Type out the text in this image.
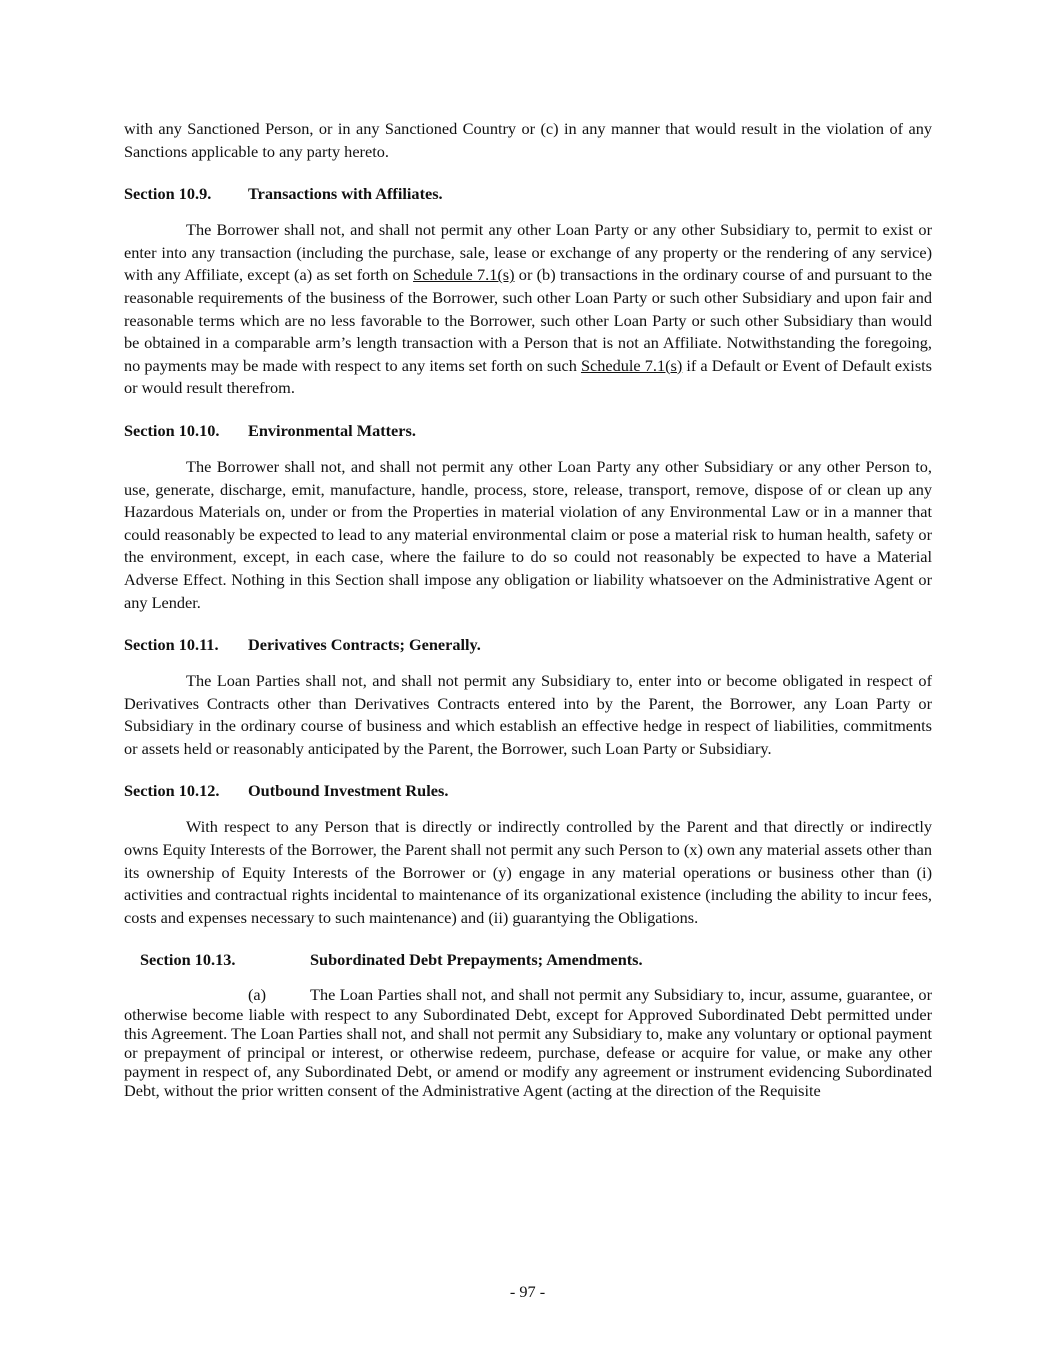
with any Sanctioned Person, or in any Sanctioned Country or (c) in any manner that would result in the violation of any Sanctions applicable to any party hereto.

Section 10.9. Transactions with Affiliates.

The Borrower shall not, and shall not permit any other Loan Party or any other Subsidiary to, permit to exist or enter into any transaction (including the purchase, sale, lease or exchange of any property or the rendering of any service) with any Affiliate, except (a) as set forth on Schedule 7.1(s) or (b) transactions in the ordinary course of and pursuant to the reasonable requirements of the business of the Borrower, such other Loan Party or such other Subsidiary and upon fair and reasonable terms which are no less favorable to the Borrower, such other Loan Party or such other Subsidiary than would be obtained in a comparable arm’s length transaction with a Person that is not an Affiliate. Notwithstanding the foregoing, no payments may be made with respect to any items set forth on such Schedule 7.1(s) if a Default or Event of Default exists or would result therefrom.

Section 10.10. Environmental Matters.

The Borrower shall not, and shall not permit any other Loan Party any other Subsidiary or any other Person to, use, generate, discharge, emit, manufacture, handle, process, store, release, transport, remove, dispose of or clean up any Hazardous Materials on, under or from the Properties in material violation of any Environmental Law or in a manner that could reasonably be expected to lead to any material environmental claim or pose a material risk to human health, safety or the environment, except, in each case, where the failure to do so could not reasonably be expected to have a Material Adverse Effect. Nothing in this Section shall impose any obligation or liability whatsoever on the Administrative Agent or any Lender.

Section 10.11. Derivatives Contracts; Generally.

The Loan Parties shall not, and shall not permit any Subsidiary to, enter into or become obligated in respect of Derivatives Contracts other than Derivatives Contracts entered into by the Parent, the Borrower, any Loan Party or Subsidiary in the ordinary course of business and which establish an effective hedge in respect of liabilities, commitments or assets held or reasonably anticipated by the Parent, the Borrower, such Loan Party or Subsidiary.

Section 10.12. Outbound Investment Rules.

With respect to any Person that is directly or indirectly controlled by the Parent and that directly or indirectly owns Equity Interests of the Borrower, the Parent shall not permit any such Person to (x) own any material assets other than its ownership of Equity Interests of the Borrower or (y) engage in any material operations or business other than (i) activities and contractual rights incidental to maintenance of its organizational existence (including the ability to incur fees, costs and expenses necessary to such maintenance) and (ii) guarantying the Obligations.

Section 10.13.	Subordinated Debt Prepayments; Amendments.

(a)	The Loan Parties shall not, and shall not permit any Subsidiary to, incur, assume, guarantee, or otherwise become liable with respect to any Subordinated Debt, except for Approved Subordinated Debt permitted under this Agreement. The Loan Parties shall not, and shall not permit any Subsidiary to, make any voluntary or optional payment or prepayment of principal or interest, or otherwise redeem, purchase, defease or acquire for value, or make any other payment in respect of, any Subordinated Debt, or amend or modify any agreement or instrument evidencing Subordinated Debt, without the prior written consent of the Administrative Agent (acting at the direction of the Requisite

- 97 -
